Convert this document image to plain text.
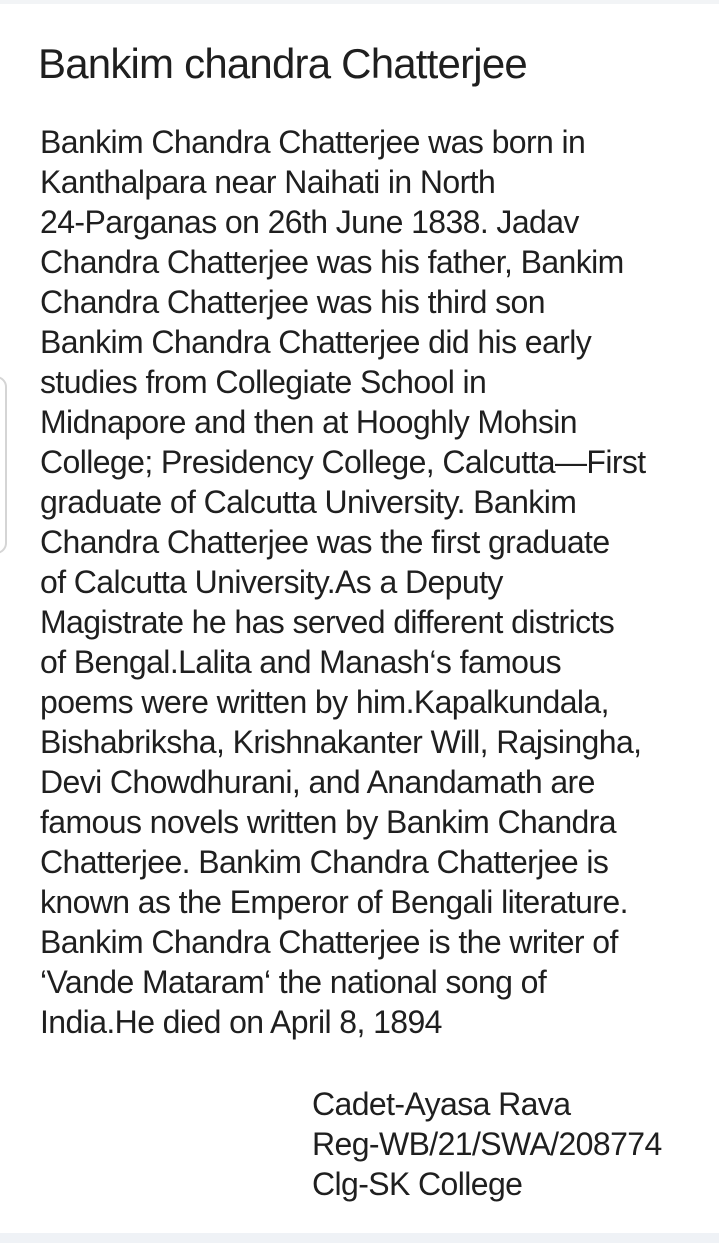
Bankim chandra Chatterjee
Bankim Chandra Chatterjee was born in
Kanthalpara near Naihati in North
24-Parganas on 26th June 1838. Jadav
Chandra Chatterjee was his father, Bankim
Chandra Chatterjee was his third son
Bankim Chandra Chatterjee did his early
studies from Collegiate School in
Midnapore and then at Hooghly Mohsin
College; Presidency College, Calcutta—First
graduate of Calcutta University. Bankim
Chandra Chatterjee was the first graduate
of Calcutta University.As a Deputy
Magistrate he has served different districts
of Bengal.Lalita and Manash‘s famous
poems were written by him.Kapalkundala,
Bishabriksha, Krishnakanter Will, Rajsingha,
Devi Chowdhurani, and Anandamath are
famous novels written by Bankim Chandra
Chatterjee. Bankim Chandra Chatterjee is
known as the Emperor of Bengali literature.
Bankim Chandra Chatterjee is the writer of
‘Vande Mataram‘ the national song of
India.He died on April 8, 1894
Cadet-Ayasa Rava
Reg-WB/21/SWA/208774
Clg-SK College
